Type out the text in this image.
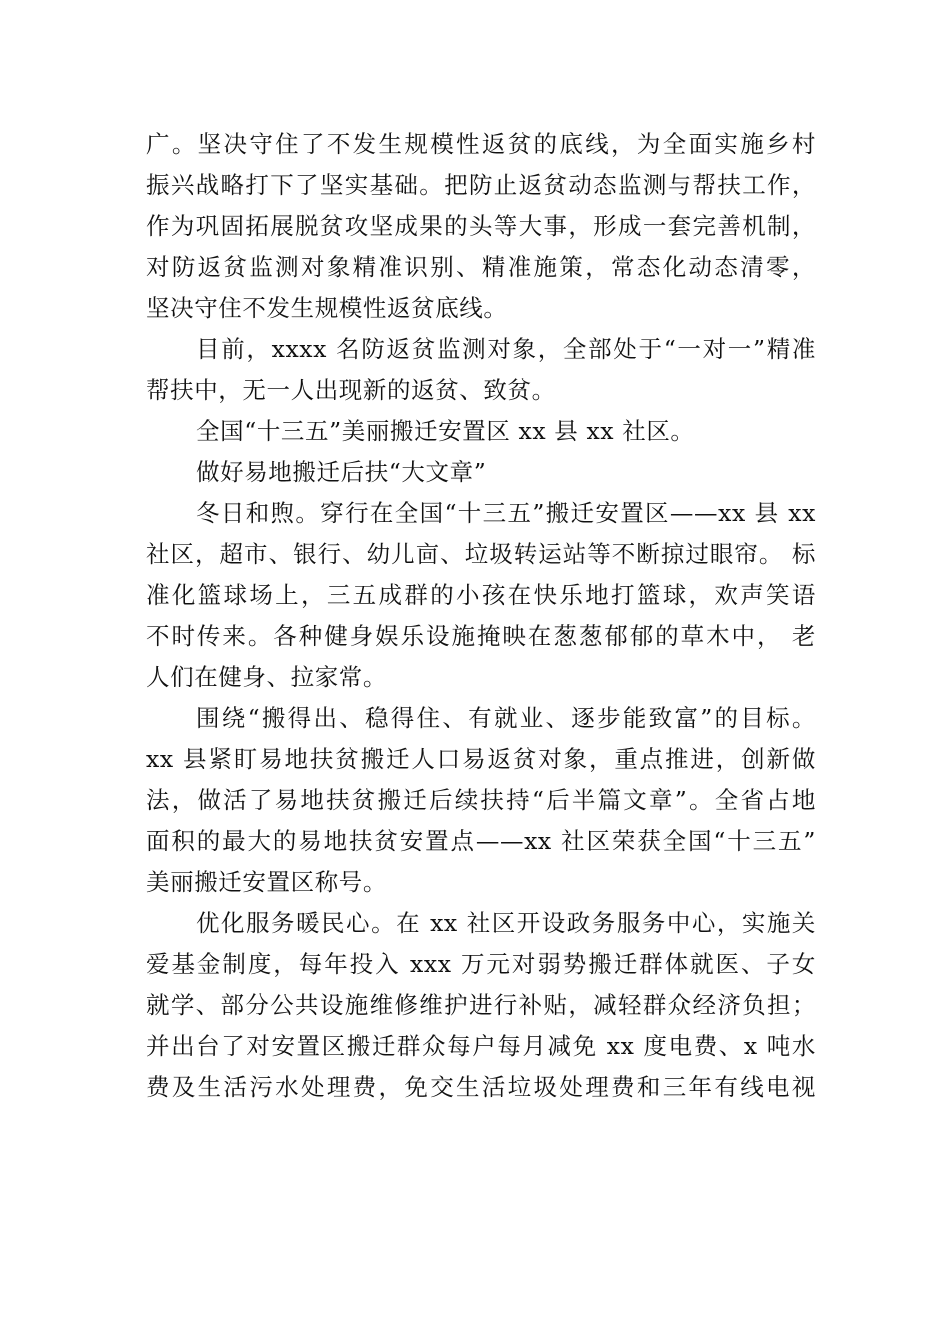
广。坚决守住了不发生规模性返贫的底线，为全面实施乡村
振兴战略打下了坚实基础。把防止返贫动态监测与帮扶工作，
作为巩固拓展脱贫攻坚成果的头等大事，形成一套完善机制，
对防返贫监测对象精准识别、精准施策，常态化动态清零，
坚决守住不发生规模性返贫底线。
目前，xxxx 名防返贫监测对象，全部处于“一对一”精准
帮扶中，无一人出现新的返贫、致贫。
全国“十三五”美丽搬迁安置区 xx 县 xx 社区。
做好易地搬迁后扶“大文章”
冬日和煦。穿行在全国“十三五”搬迁安置区——xx 县 xx
社区，超市、银行、幼儿㐭、垃圾转运站等不断掠过眼帘。 标
准化篮球场上，三五成群的小孩在快乐地打篮球，欢声笑语
不时传来。各种健身娱乐设施掩映在葱葱郁郁的草木中， 老
人们在健身、拉家常。
围绕“搬得出、稳得住、有就业、逐步能致富”的目标。
xx 县紧盯易地扶贫搬迁人口易返贫对象，重点推进，创新做
法，做活了易地扶贫搬迁后续扶持“后半篇文章”。全省占地
面积的最大的易地扶贫安置点——xx 社区荣获全国“十三五”
美丽搬迁安置区称号。
优化服务暖民心。在 xx 社区开设政务服务中心，实施关
爱基金制度，每年投入 xxx 万元对弱势搬迁群体就医、子女
就学、部分公共设施维修维护进行补贴，减轻群众经济负担；
并出台了对安置区搬迁群众每户每月减免 xx 度电费、x 吨水
费及生活污水处理费，免交生活垃圾处理费和三年有线电视
